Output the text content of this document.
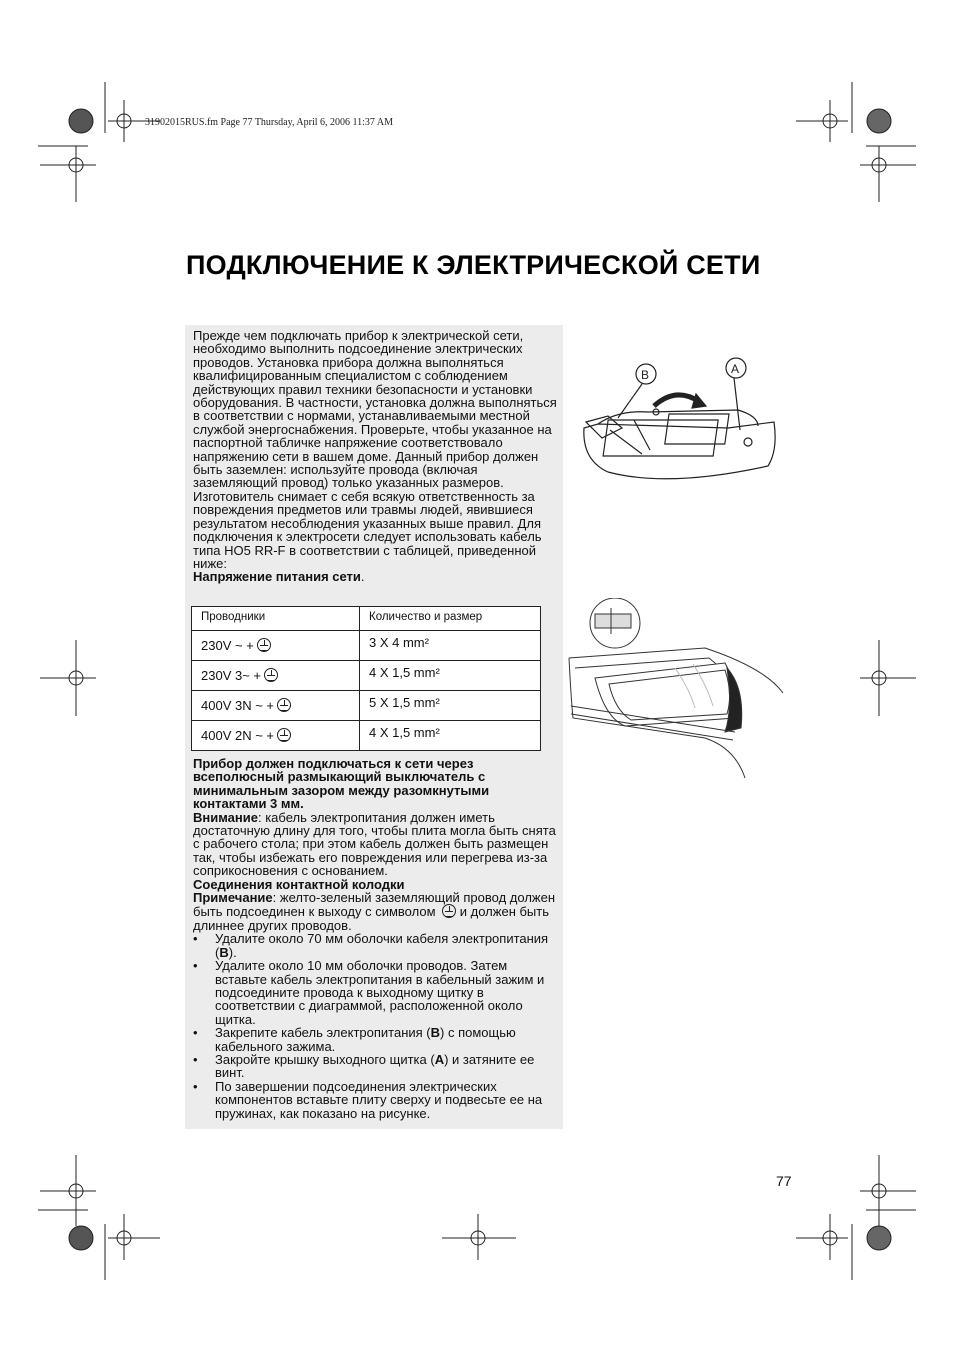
31902015RUS.fm Page 77 Thursday, April 6, 2006 11:37 AM
ПОДКЛЮЧЕНИЕ К ЭЛЕКТРИЧЕСКОЙ СЕТИ

Прежде чем подключать прибор к электрической сети, необходимо выполнить подсоединение электрических проводов. Установка прибора должна выполняться квалифицированным специалистом с соблюдением действующих правил техники безопасности и установки оборудования. В частности, установка должна выполняться в соответствии с нормами, устанавливаемыми местной службой энергоснабжения. Проверьте, чтобы указанное на паспортной табличке напряжение соответствовало напряжению сети в вашем доме. Данный прибор должен быть заземлен: используйте провода (включая заземляющий провод) только указанных размеров. Изготовитель снимает с себя всякую ответственность за повреждения предметов или травмы людей, явившиеся результатом несоблюдения указанных выше правил. Для подключения к электросети следует использовать кабель типа HO5 RR-F в соответствии с таблицей, приведенной ниже:

Напряжение питания сети.

Проводники	Количество и размер
230V ~ +	3 X 4 mm²
230V 3~ +	4 X 1,5 mm²
400V 3N ~ +	5 X 1,5 mm²
400V 2N ~ +	4 X 1,5 mm²

Прибор должен подключаться к сети через всеполюсный размыкающий выключатель с минимальным зазором между разомкнутыми контактами 3 мм.

Внимание: кабель электропитания должен иметь достаточную длину для того, чтобы плита могла быть снята с рабочего стола; при этом кабель должен быть размещен так, чтобы избежать его повреждения или перегрева из-за соприкосновения с основанием.

Соединения контактной колодки

Примечание: желто-зеленый заземляющий провод должен быть подсоединен к выходу с символом и должен быть длиннее других проводов.

• Удалите около 70 мм оболочки кабеля электропитания (B).
• Удалите около 10 мм оболочки проводов. Затем вставьте кабель электропитания в кабельный зажим и подсоедините провода к выходному щитку в соответствии с диаграммой, расположенной около щитка.
• Закрепите кабель электропитания (B) с помощью кабельного зажима.
• Закройте крышку выходного щитка (A) и затяните ее винт.
• По завершении подсоединения электрических компонентов вставьте плиту сверху и подвесьте ее на пружинах, как показано на рисунке.
B	A
77
